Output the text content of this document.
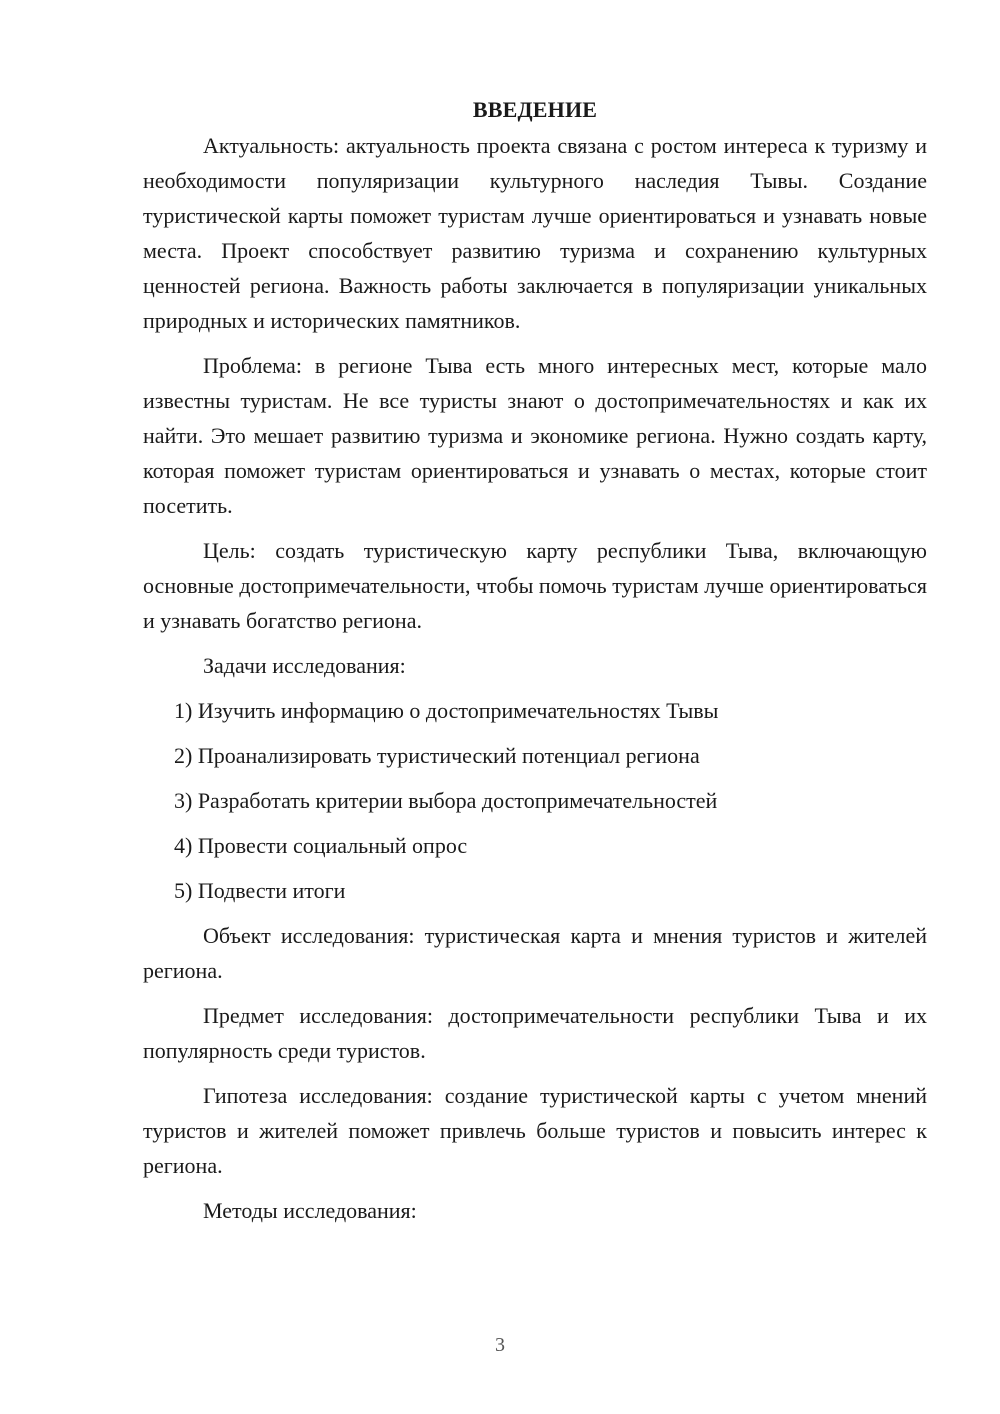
ВВЕДЕНИЕ

Актуальность: актуальность проекта связана с ростом интереса к туризму и необходимости популяризации культурного наследия Тывы. Создание туристической карты поможет туристам лучше ориентироваться и узнавать новые места. Проект способствует развитию туризма и сохранению культурных ценностей региона. Важность работы заключается в популяризации уникальных природных и исторических памятников.

Проблема: в регионе Тыва есть много интересных мест, которые мало известны туристам. Не все туристы знают о достопримечательностях и как их найти. Это мешает развитию туризма и экономике региона. Нужно создать карту, которая поможет туристам ориентироваться и узнавать о местах, которые стоит посетить.

Цель: создать туристическую карту республики Тыва, включающую основные достопримечательности, чтобы помочь туристам лучше ориентироваться и узнавать богатство региона.

Задачи исследования:

1) Изучить информацию о достопримечательностях Тывы
2) Проанализировать туристический потенциал региона
3) Разработать критерии выбора достопримечательностей
4) Провести социальный опрос
5) Подвести итоги

Объект исследования: туристическая карта и мнения туристов и жителей региона.

Предмет исследования: достопримечательности республики Тыва и их популярность среди туристов.

Гипотеза исследования: создание туристической карты с учетом мнений туристов и жителей поможет привлечь больше туристов и повысить интерес к региона.

Методы исследования:

3
